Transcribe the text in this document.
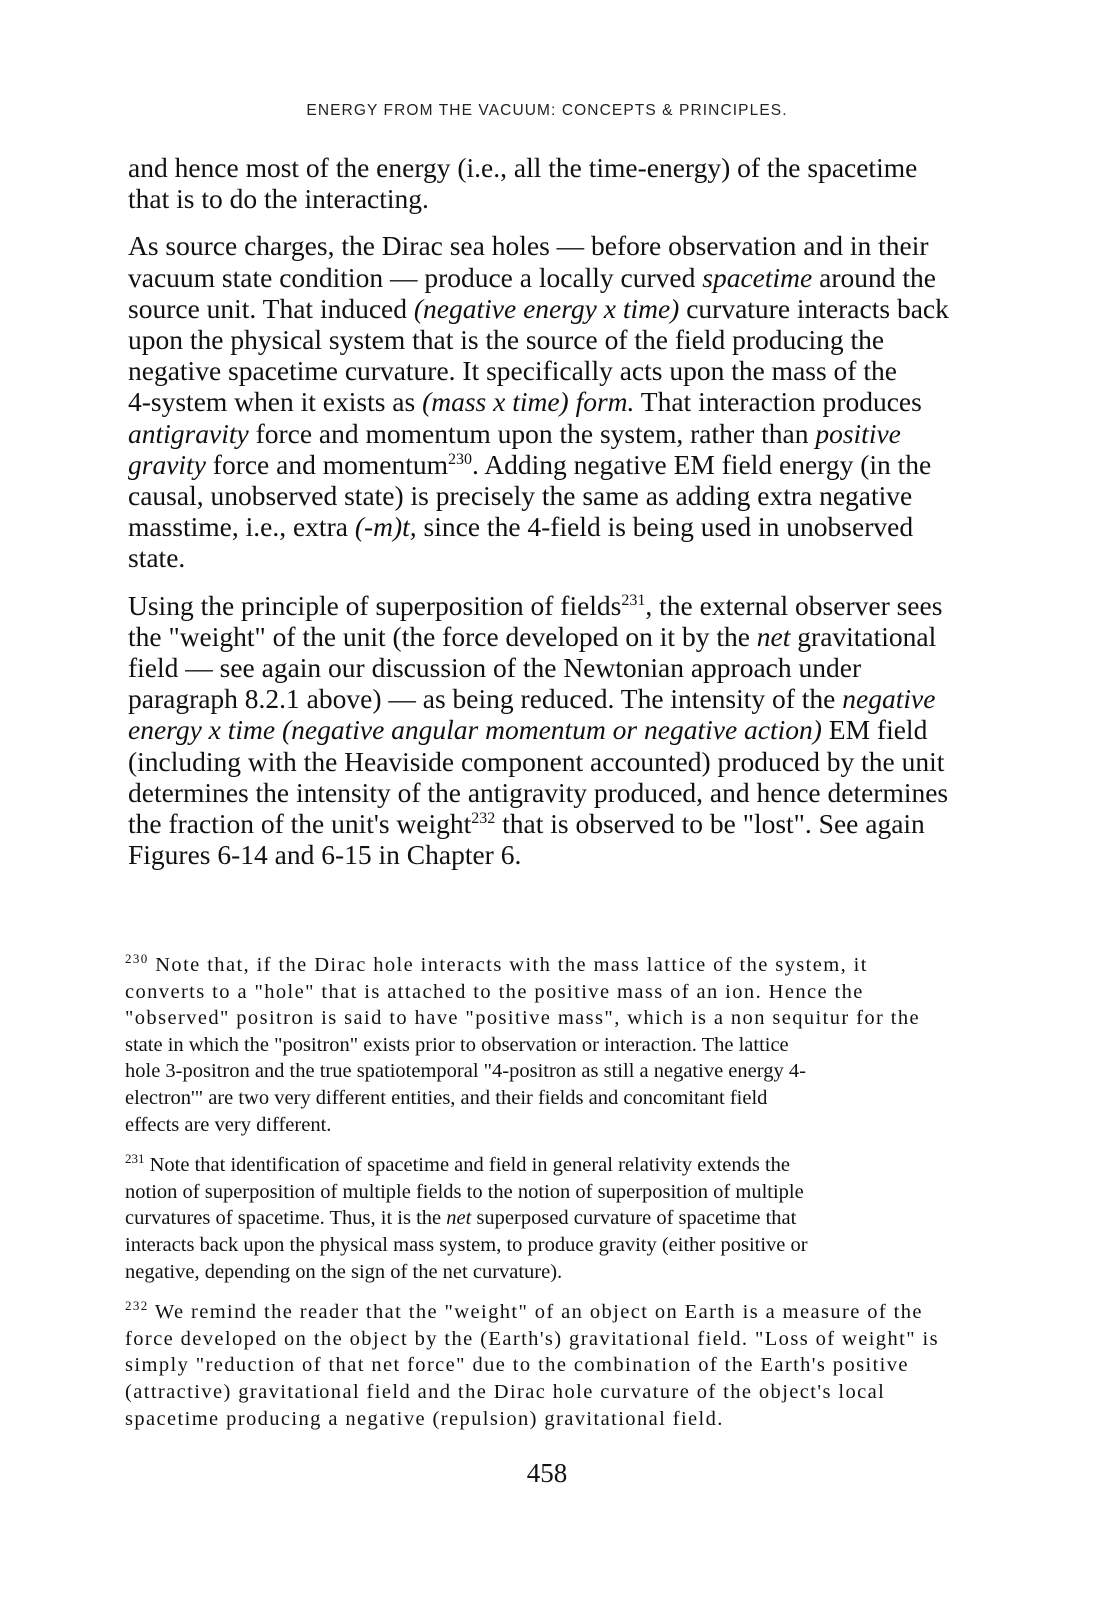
ENERGY FROM THE VACUUM: CONCEPTS & PRINCIPLES.

and hence most of the energy (i.e., all the time-energy) of the spacetime
that is to do the interacting.

As source charges, the Dirac sea holes — before observation and in their
vacuum state condition — produce a locally curved spacetime around the
source unit. That induced (negative energy x time) curvature interacts back
upon the physical system that is the source of the field producing the
negative spacetime curvature. It specifically acts upon the mass of the
4-system when it exists as (mass x time) form. That interaction produces
antigravity force and momentum upon the system, rather than positive
gravity force and momentum$^{230}$. Adding negative EM field energy (in the
causal, unobserved state) is precisely the same as adding extra negative
masstime, i.e., extra (-m)t, since the 4-field is being used in unobserved
state.

Using the principle of superposition of fields$^{231}$, the external observer sees
the "weight" of the unit (the force developed on it by the net gravitational
field — see again our discussion of the Newtonian approach under
paragraph 8.2.1 above) — as being reduced. The intensity of the negative
energy x time (negative angular momentum or negative action) EM field
(including with the Heaviside component accounted) produced by the unit
determines the intensity of the antigravity produced, and hence determines
the fraction of the unit's weight$^{232}$ that is observed to be "lost". See again
Figures 6-14 and 6-15 in Chapter 6.

$^{230}$ Note that, if the Dirac hole interacts with the mass lattice of the system, it
converts to a "hole" that is attached to the positive mass of an ion. Hence the
"observed" positron is said to have "positive mass", which is a non sequitur for the
state in which the "positron" exists prior to observation or interaction. The lattice
hole 3-positron and the true spatiotemporal "4-positron as still a negative energy 4-
electron'" are two very different entities, and their fields and concomitant field
effects are very different.
$^{231}$ Note that identification of spacetime and field in general relativity extends the
notion of superposition of multiple fields to the notion of superposition of multiple
curvatures of spacetime. Thus, it is the net superposed curvature of spacetime that
interacts back upon the physical mass system, to produce gravity (either positive or
negative, depending on the sign of the net curvature).
$^{232}$ We remind the reader that the "weight" of an object on Earth is a measure of the
force developed on the object by the (Earth's) gravitational field. "Loss of weight" is
simply "reduction of that net force" due to the combination of the Earth's positive
(attractive) gravitational field and the Dirac hole curvature of the object's local
spacetime producing a negative (repulsion) gravitational field.
458
